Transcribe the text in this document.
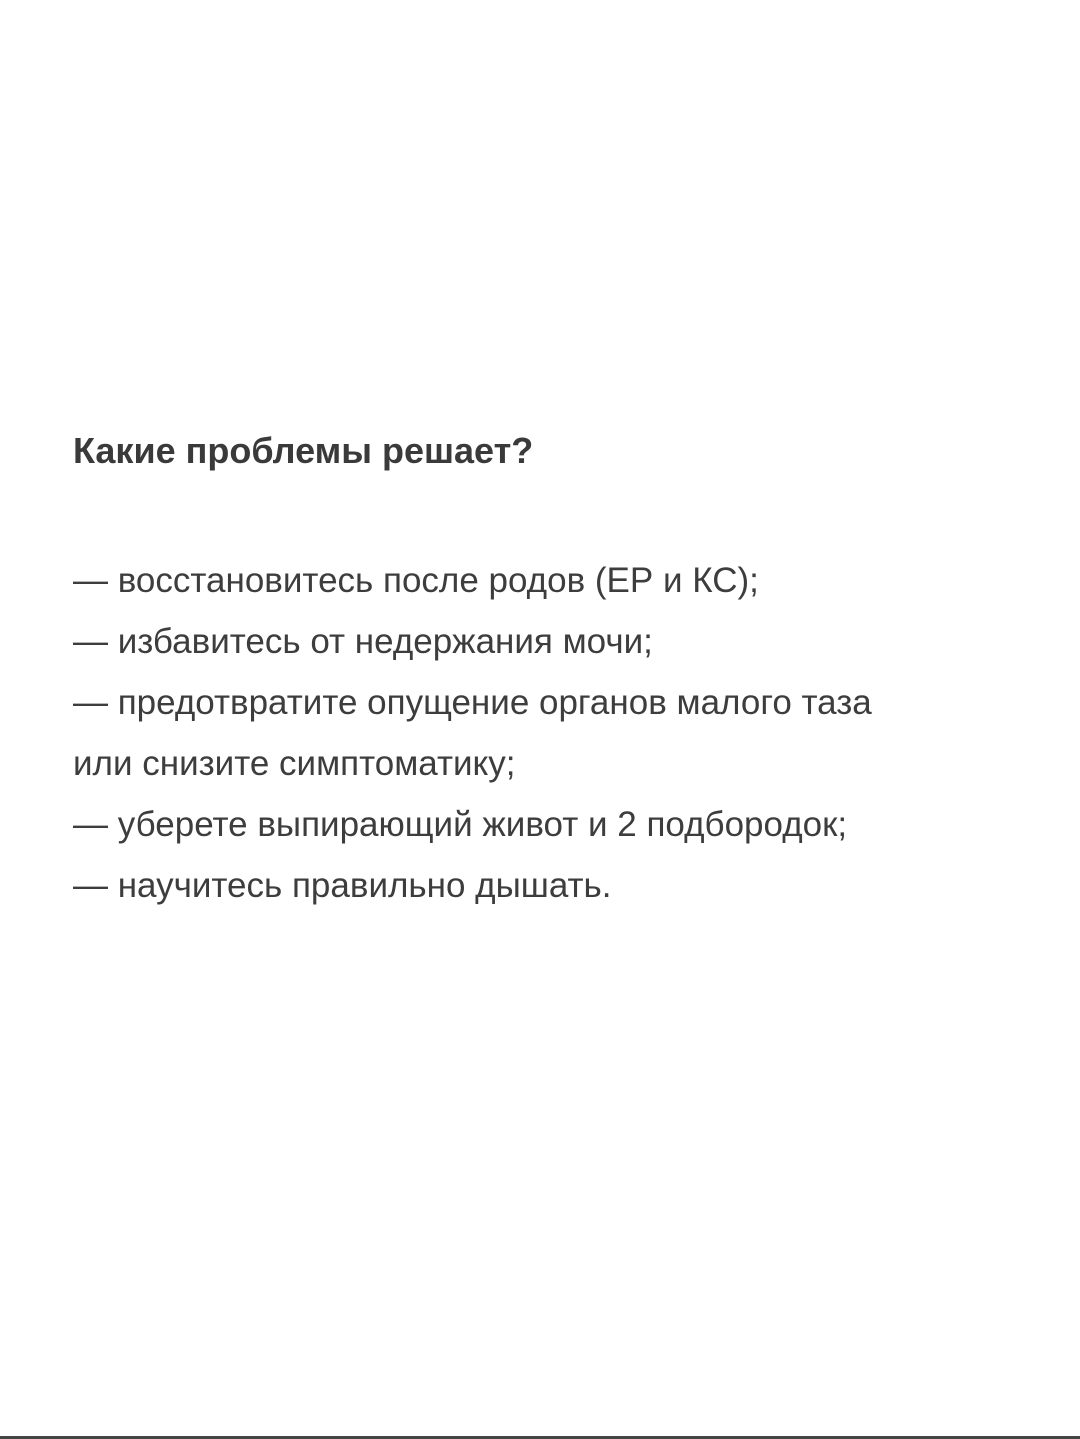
Какие проблемы решает?
— восстановитесь после родов (ЕР и КС);
— избавитесь от недержания мочи;
— предотвратите опущение органов малого таза
или снизите симптоматику;
— уберете выпирающий живот и 2 подбородок;
— научитесь правильно дышать.
